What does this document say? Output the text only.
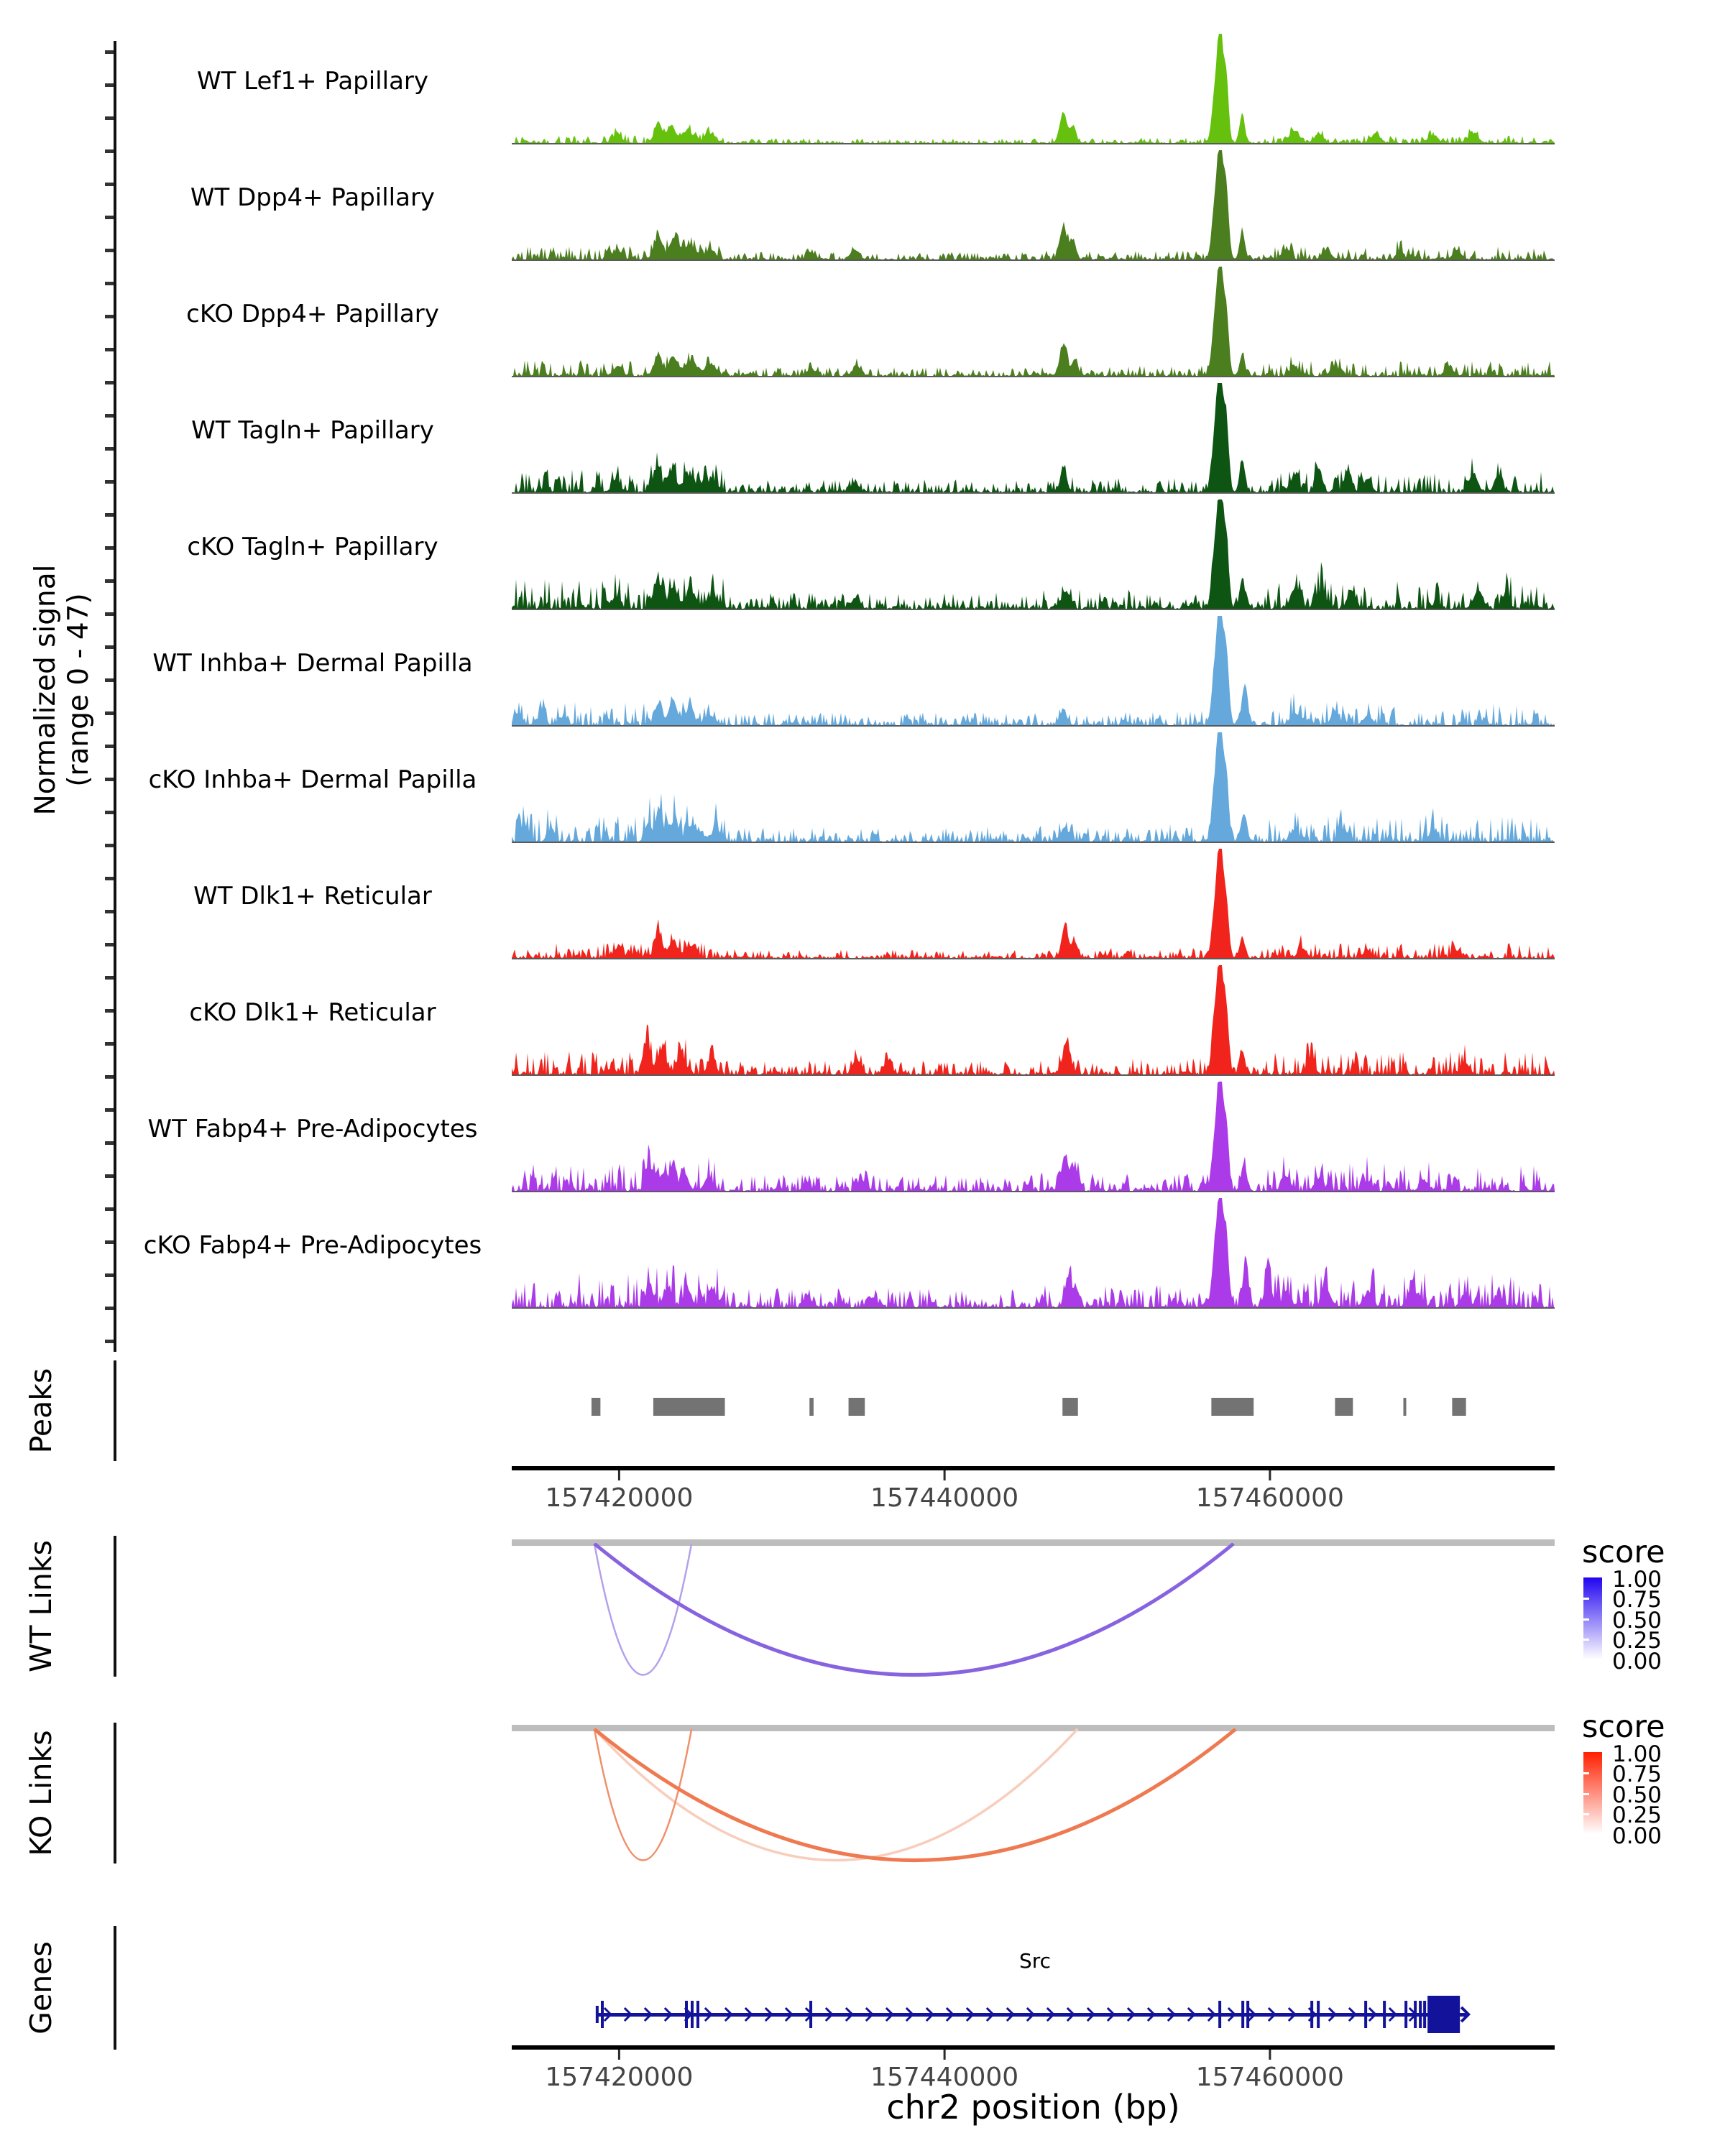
Normalized signal (range 0 - 47)
Peaks
WT Links
KO Links
Genes
WT Lef1+ Papillary
WT Dpp4+ Papillary
cKO Dpp4+ Papillary
WT Tagln+ Papillary
cKO Tagln+ Papillary
WT Inhba+ Dermal Papilla
cKO Inhba+ Dermal Papilla
WT Dlk1+ Reticular
cKO Dlk1+ Reticular
WT Fabp4+ Pre-Adipocytes
cKO Fabp4+ Pre-Adipocytes
157420000	157440000	157460000
157420000	157440000	157460000
chr2 position (bp)
score
1.00
0.75
0.50
0.25
0.00
score
1.00
0.75
0.50
0.25
0.00
Src
